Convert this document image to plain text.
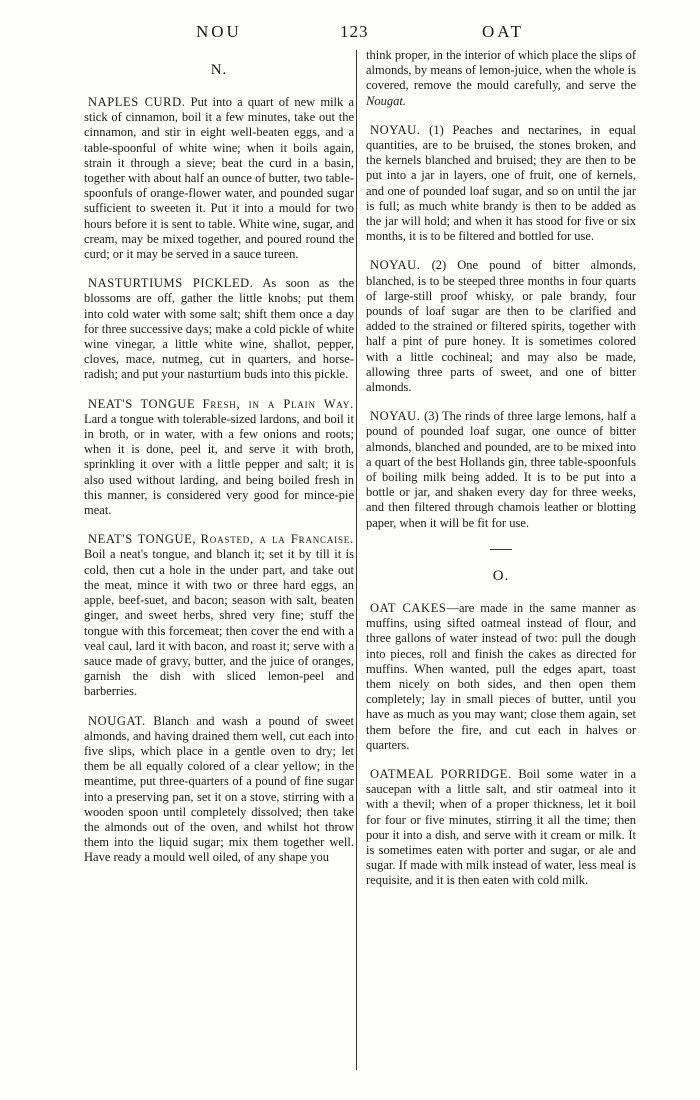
NOU	123	OAT
N.

NAPLES CURD. Put into a quart of new milk a stick of cinnamon, boil it a few minutes, take out the cinnamon, and stir in eight well-beaten eggs, and a table-spoonful of white wine; when it boils again, strain it through a sieve; beat the curd in a basin, together with about half an ounce of butter, two table-spoonfuls of orange-flower water, and pounded sugar sufficient to sweeten it. Put it into a mould for two hours before it is sent to table. White wine, sugar, and cream, may be mixed together, and poured round the curd; or it may be served in a sauce tureen.

NASTURTIUMS PICKLED. As soon as the blossoms are off, gather the little knobs; put them into cold water with some salt; shift them once a day for three successive days; make a cold pickle of white wine vinegar, a little white wine, shallot, pepper, cloves, mace, nutmeg, cut in quarters, and horse-radish; and put your nasturtium buds into this pickle.

NEAT'S TONGUE Fresh, in a Plain Way. Lard a tongue with tolerable-sized lardons, and boil it in broth, or in water, with a few onions and roots; when it is done, peel it, and serve it with broth, sprinkling it over with a little pepper and salt; it is also used without larding, and being boiled fresh in this manner, is considered very good for mince-pie meat.

NEAT'S TONGUE, Roasted, a la Francaise. Boil a neat's tongue, and blanch it; set it by till it is cold, then cut a hole in the under part, and take out the meat, mince it with two or three hard eggs, an apple, beef-suet, and bacon; season with salt, beaten ginger, and sweet herbs, shred very fine; stuff the tongue with this forcemeat; then cover the end with a veal caul, lard it with bacon, and roast it; serve with a sauce made of gravy, butter, and the juice of oranges, garnish the dish with sliced lemon-peel and barberries.

NOUGAT. Blanch and wash a pound of sweet almonds, and having drained them well, cut each into five slips, which place in a gentle oven to dry; let them be all equally colored of a clear yellow; in the meantime, put three-quarters of a pound of fine sugar into a preserving pan, set it on a stove, stirring with a wooden spoon until completely dissolved; then take the almonds out of the oven, and whilst hot throw them into the liquid sugar; mix them together well. Have ready a mould well oiled, of any shape you

think proper, in the interior of which place the slips of almonds, by means of lemon-juice, when the whole is covered, remove the mould carefully, and serve the Nougat.

NOYAU. (1) Peaches and nectarines, in equal quantities, are to be bruised, the stones broken, and the kernels blanched and bruised; they are then to be put into a jar in layers, one of fruit, one of kernels, and one of pounded loaf sugar, and so on until the jar is full; as much white brandy is then to be added as the jar will hold; and when it has stood for five or six months, it is to be filtered and bottled for use.

NOYAU. (2) One pound of bitter almonds, blanched, is to be steeped three months in four quarts of large-still proof whisky, or pale brandy, four pounds of loaf sugar are then to be clarified and added to the strained or filtered spirits, together with half a pint of pure honey. It is sometimes colored with a little cochineal; and may also be made, allowing three parts of sweet, and one of bitter almonds.

NOYAU. (3) The rinds of three large lemons, half a pound of pounded loaf sugar, one ounce of bitter almonds, blanched and pounded, are to be mixed into a quart of the best Hollands gin, three table-spoonfuls of boiling milk being added. It is to be put into a bottle or jar, and shaken every day for three weeks, and then filtered through chamois leather or blotting paper, when it will be fit for use.

O.

OAT CAKES—are made in the same manner as muffins, using sifted oatmeal instead of flour, and three gallons of water instead of two: pull the dough into pieces, roll and finish the cakes as directed for muffins. When wanted, pull the edges apart, toast them nicely on both sides, and then open them completely; lay in small pieces of butter, until you have as much as you may want; close them again, set them before the fire, and cut each in halves or quarters.

OATMEAL PORRIDGE. Boil some water in a saucepan with a little salt, and stir oatmeal into it with a thevil; when of a proper thickness, let it boil for four or five minutes, stirring it all the time; then pour it into a dish, and serve with it cream or milk. It is sometimes eaten with porter and sugar, or ale and sugar. If made with milk instead of water, less meal is requisite, and it is then eaten with cold milk.
